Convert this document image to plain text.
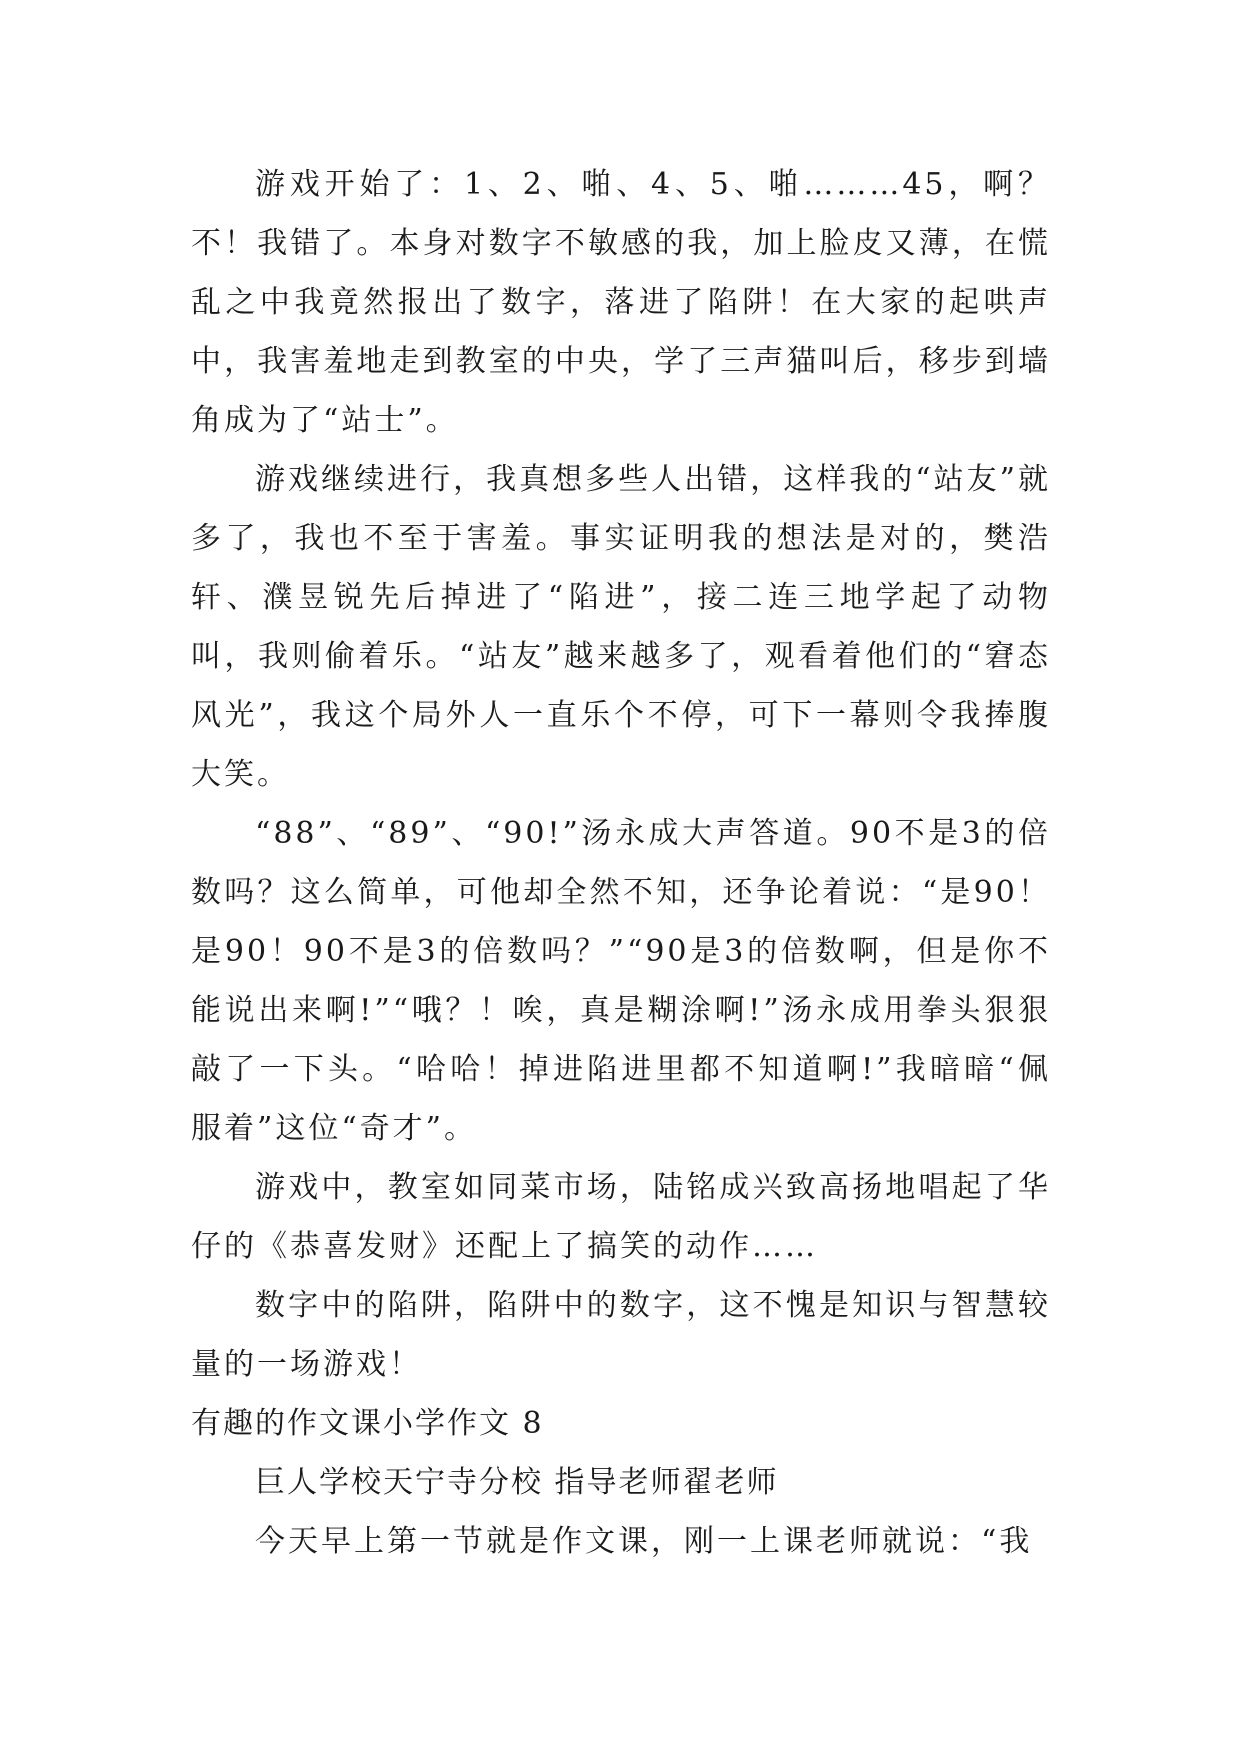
游戏开始了：1、2、啪、4、5、啪………45，啊？不！我错了。本身对数字不敏感的我，加上脸皮又薄，在慌乱之中我竟然报出了数字，落进了陷阱！在大家的起哄声中，我害羞地走到教室的中央，学了三声猫叫后，移步到墙角成为了“站士”。

游戏继续进行，我真想多些人出错，这样我的“站友”就多了，我也不至于害羞。事实证明我的想法是对的，樊浩轩、濮昱锐先后掉进了“陷进”，接二连三地学起了动物叫，我则偷着乐。“站友”越来越多了，观看着他们的“窘态风光”，我这个局外人一直乐个不停，可下一幕则令我捧腹大笑。

“88”、“89”、“90!”汤永成大声答道。90不是3的倍数吗？这么简单，可他却全然不知，还争论着说：“是90！是90！90不是3的倍数吗？”“90是3的倍数啊，但是你不能说出来啊!”“哦？！唉，真是糊涂啊!”汤永成用拳头狠狠敲了一下头。“哈哈！掉进陷进里都不知道啊!”我暗暗“佩服着”这位“奇才”。

游戏中，教室如同菜市场，陆铭成兴致高扬地唱起了华仔的《恭喜发财》还配上了搞笑的动作……

数字中的陷阱，陷阱中的数字，这不愧是知识与智慧较量的一场游戏！

有趣的作文课小学作文 8

巨人学校天宁寺分校 指导老师翟老师

今天早上第一节就是作文课，刚一上课老师就说：“我
